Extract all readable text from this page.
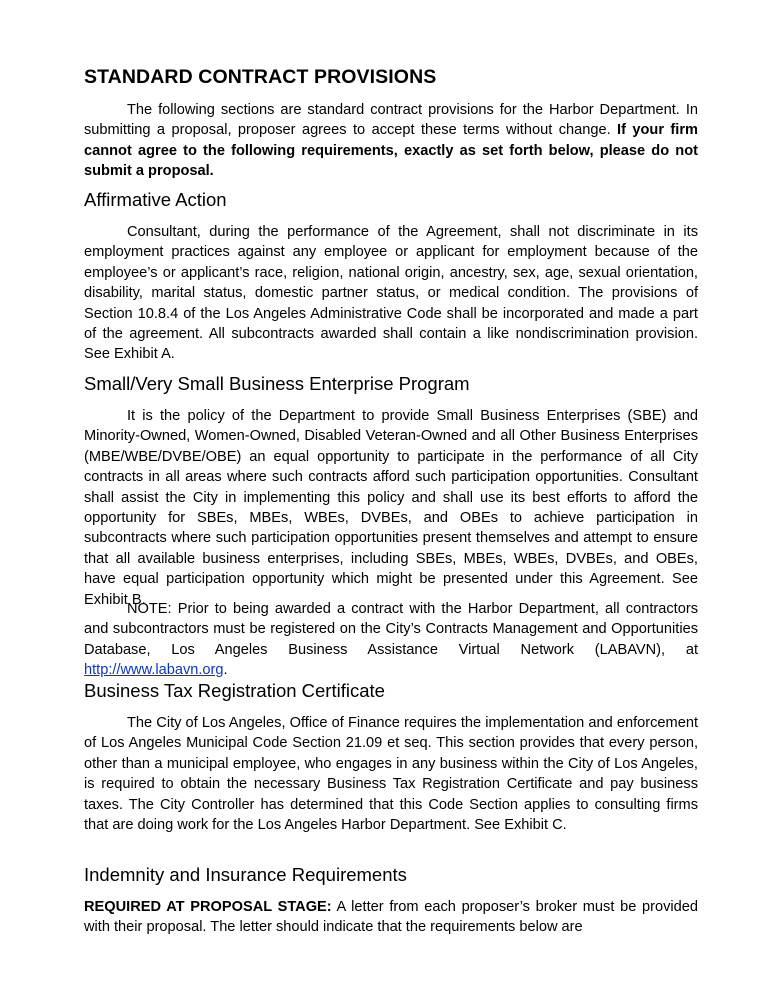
STANDARD CONTRACT PROVISIONS

The following sections are standard contract provisions for the Harbor Department. In submitting a proposal, proposer agrees to accept these terms without change. If your firm cannot agree to the following requirements, exactly as set forth below, please do not submit a proposal.

Affirmative Action

Consultant, during the performance of the Agreement, shall not discriminate in its employment practices against any employee or applicant for employment because of the employee’s or applicant’s race, religion, national origin, ancestry, sex, age, sexual orientation, disability, marital status, domestic partner status, or medical condition. The provisions of Section 10.8.4 of the Los Angeles Administrative Code shall be incorporated and made a part of the agreement. All subcontracts awarded shall contain a like nondiscrimination provision. See Exhibit A.

Small/Very Small Business Enterprise Program

It is the policy of the Department to provide Small Business Enterprises (SBE) and Minority-Owned, Women-Owned, Disabled Veteran-Owned and all Other Business Enterprises (MBE/WBE/DVBE/OBE) an equal opportunity to participate in the performance of all City contracts in all areas where such contracts afford such participation opportunities. Consultant shall assist the City in implementing this policy and shall use its best efforts to afford the opportunity for SBEs, MBEs, WBEs, DVBEs, and OBEs to achieve participation in subcontracts where such participation opportunities present themselves and attempt to ensure that all available business enterprises, including SBEs, MBEs, WBEs, DVBEs, and OBEs, have equal participation opportunity which might be presented under this Agreement. See Exhibit B.

NOTE: Prior to being awarded a contract with the Harbor Department, all contractors and subcontractors must be registered on the City’s Contracts Management and Opportunities Database, Los Angeles Business Assistance Virtual Network (LABAVN), at http://www.labavn.org.

Business Tax Registration Certificate

The City of Los Angeles, Office of Finance requires the implementation and enforcement of Los Angeles Municipal Code Section 21.09 et seq. This section provides that every person, other than a municipal employee, who engages in any business within the City of Los Angeles, is required to obtain the necessary Business Tax Registration Certificate and pay business taxes. The City Controller has determined that this Code Section applies to consulting firms that are doing work for the Los Angeles Harbor Department. See Exhibit C.

Indemnity and Insurance Requirements

REQUIRED AT PROPOSAL STAGE: A letter from each proposer’s broker must be provided with their proposal. The letter should indicate that the requirements below are
